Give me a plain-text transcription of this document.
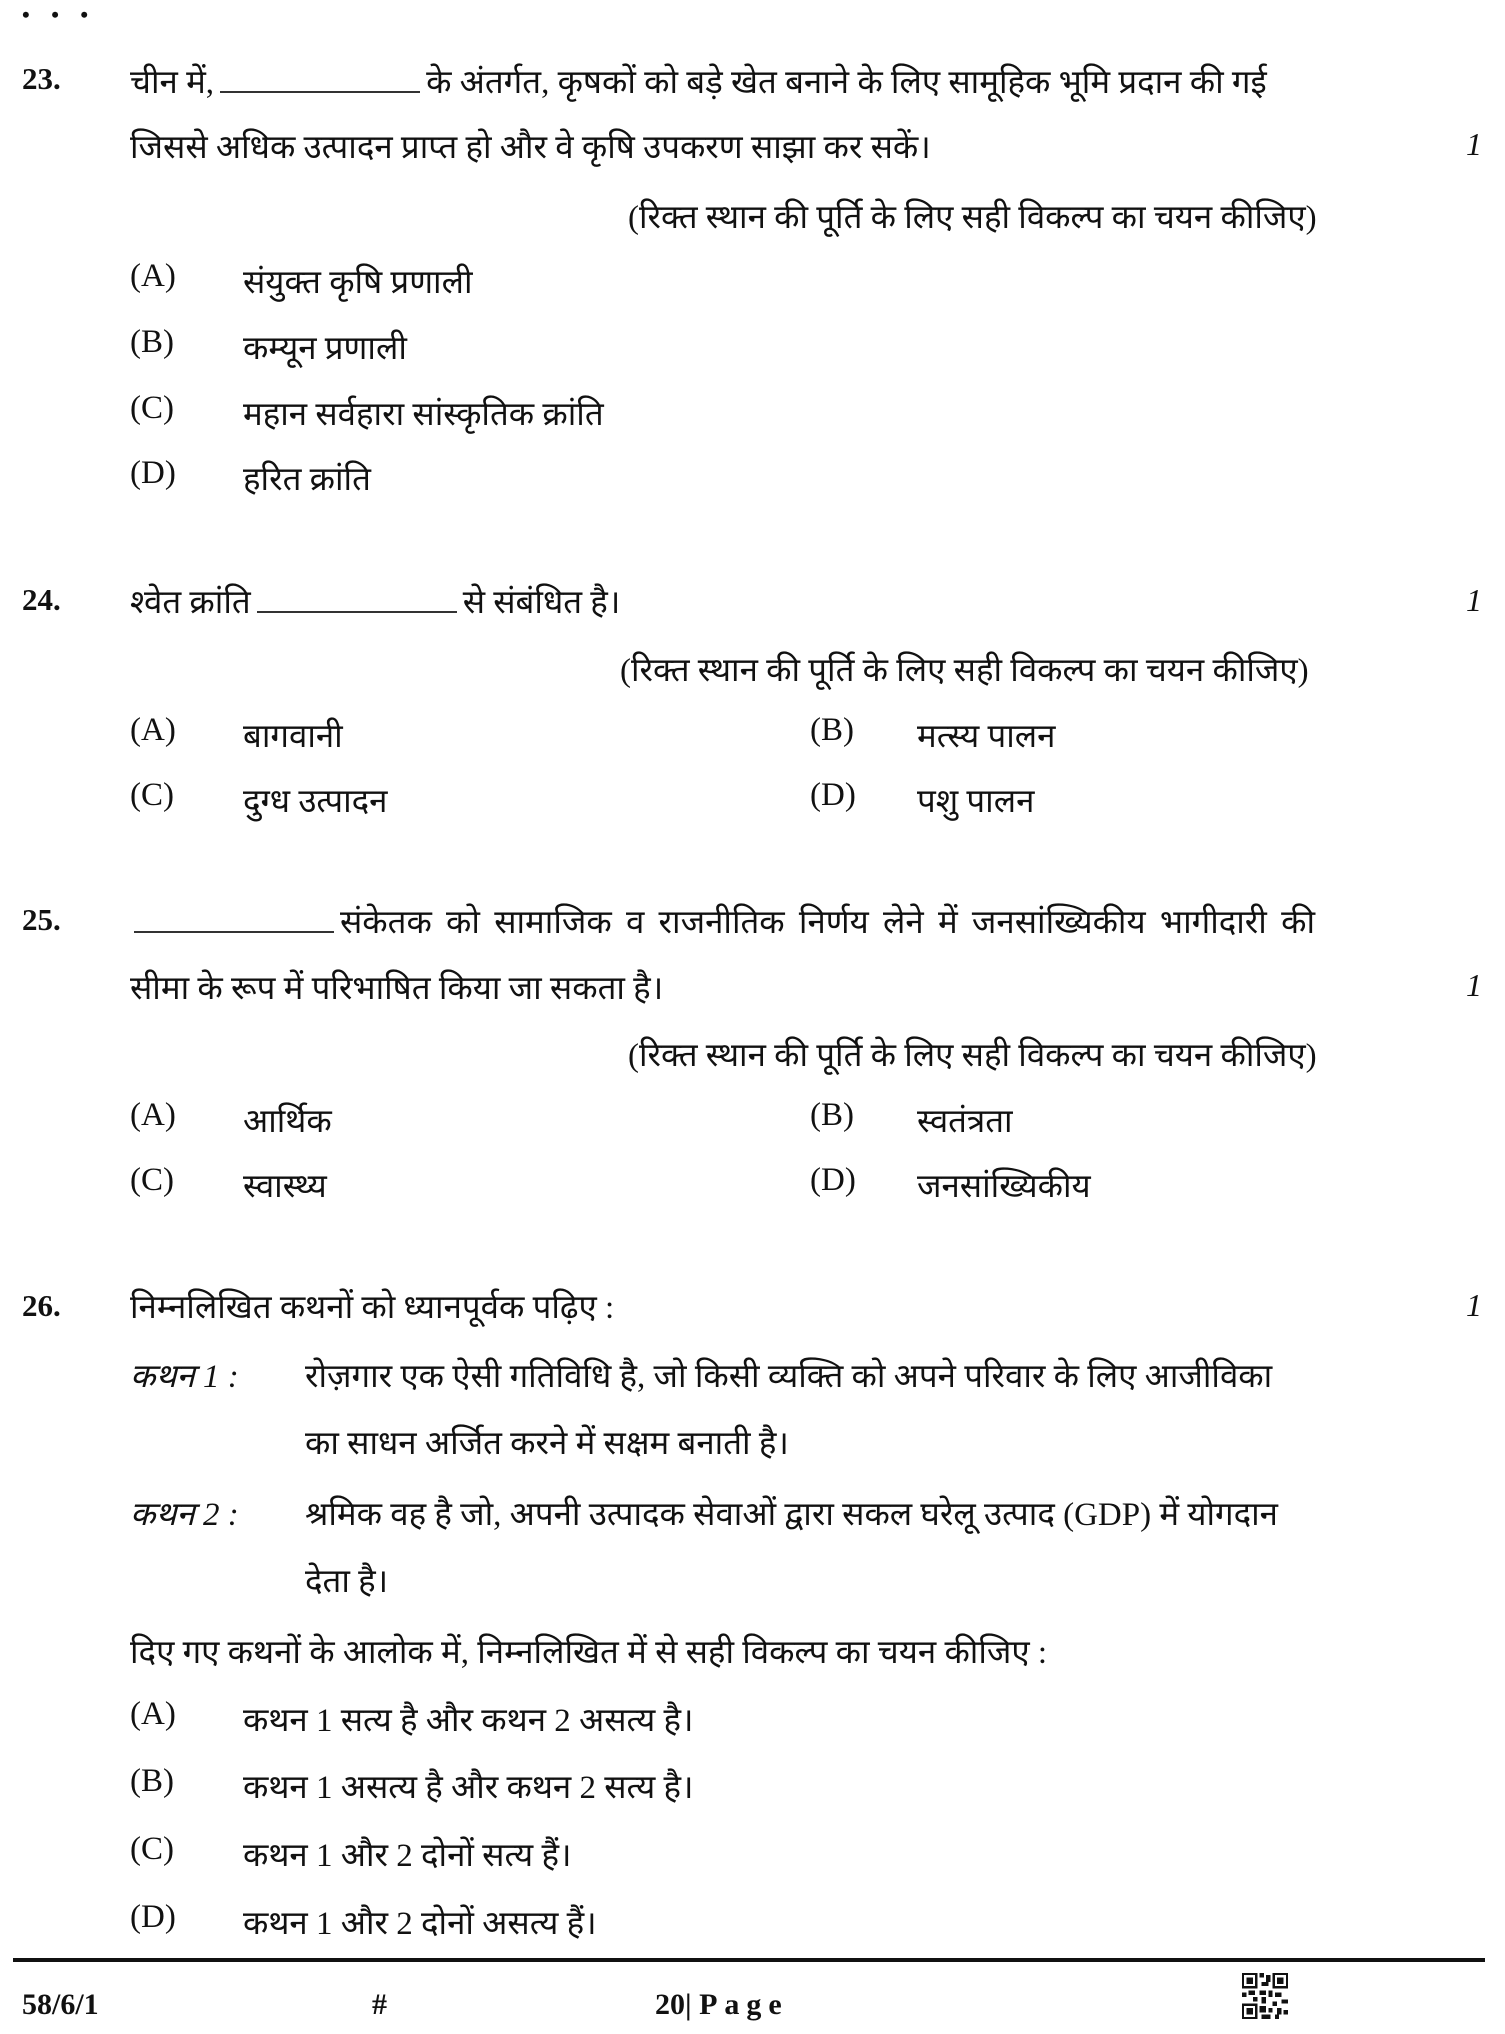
• • •
23. चीन में,	के अंतर्गत, कृषकों को बड़े खेत बनाने के लिए सामूहिक भूमि प्रदान की गई
जिससे अधिक उत्पादन प्राप्त हो और वे कृषि उपकरण साझा कर सकें।	1
(रिक्त स्थान की पूर्ति के लिए सही विकल्प का चयन कीजिए)
(A) संयुक्त कृषि प्रणाली
(B) कम्यून प्रणाली
(C) महान सर्वहारा सांस्कृतिक क्रांति
(D) हरित क्रांति
24. श्वेत क्रांति	से संबंधित है।	1
(रिक्त स्थान की पूर्ति के लिए सही विकल्प का चयन कीजिए)
(A) बागवानी	(B) मत्स्य पालन
(C) दुग्ध उत्पादन	(D) पशु पालन
25.	संकेतक को सामाजिक व राजनीतिक निर्णय लेने में जनसांख्यिकीय भागीदारी की
सीमा के रूप में परिभाषित किया जा सकता है।	1
(रिक्त स्थान की पूर्ति के लिए सही विकल्प का चयन कीजिए)
(A) आर्थिक	(B) स्वतंत्रता
(C) स्वास्थ्य	(D) जनसांख्यिकीय
26. निम्नलिखित कथनों को ध्यानपूर्वक पढ़िए :	1
कथन 1 : रोज़गार एक ऐसी गतिविधि है, जो किसी व्यक्ति को अपने परिवार के लिए आजीविका
का साधन अर्जित करने में सक्षम बनाती है।
कथन 2 : श्रमिक वह है जो, अपनी उत्पादक सेवाओं द्वारा सकल घरेलू उत्पाद (GDP) में योगदान
देता है।
दिए गए कथनों के आलोक में, निम्नलिखित में से सही विकल्प का चयन कीजिए :
(A) कथन 1 सत्य है और कथन 2 असत्य है।
(B) कथन 1 असत्य है और कथन 2 सत्य है।
(C) कथन 1 और 2 दोनों सत्य हैं।
(D) कथन 1 और 2 दोनों असत्य हैं।
58/6/1	#	20| Page
